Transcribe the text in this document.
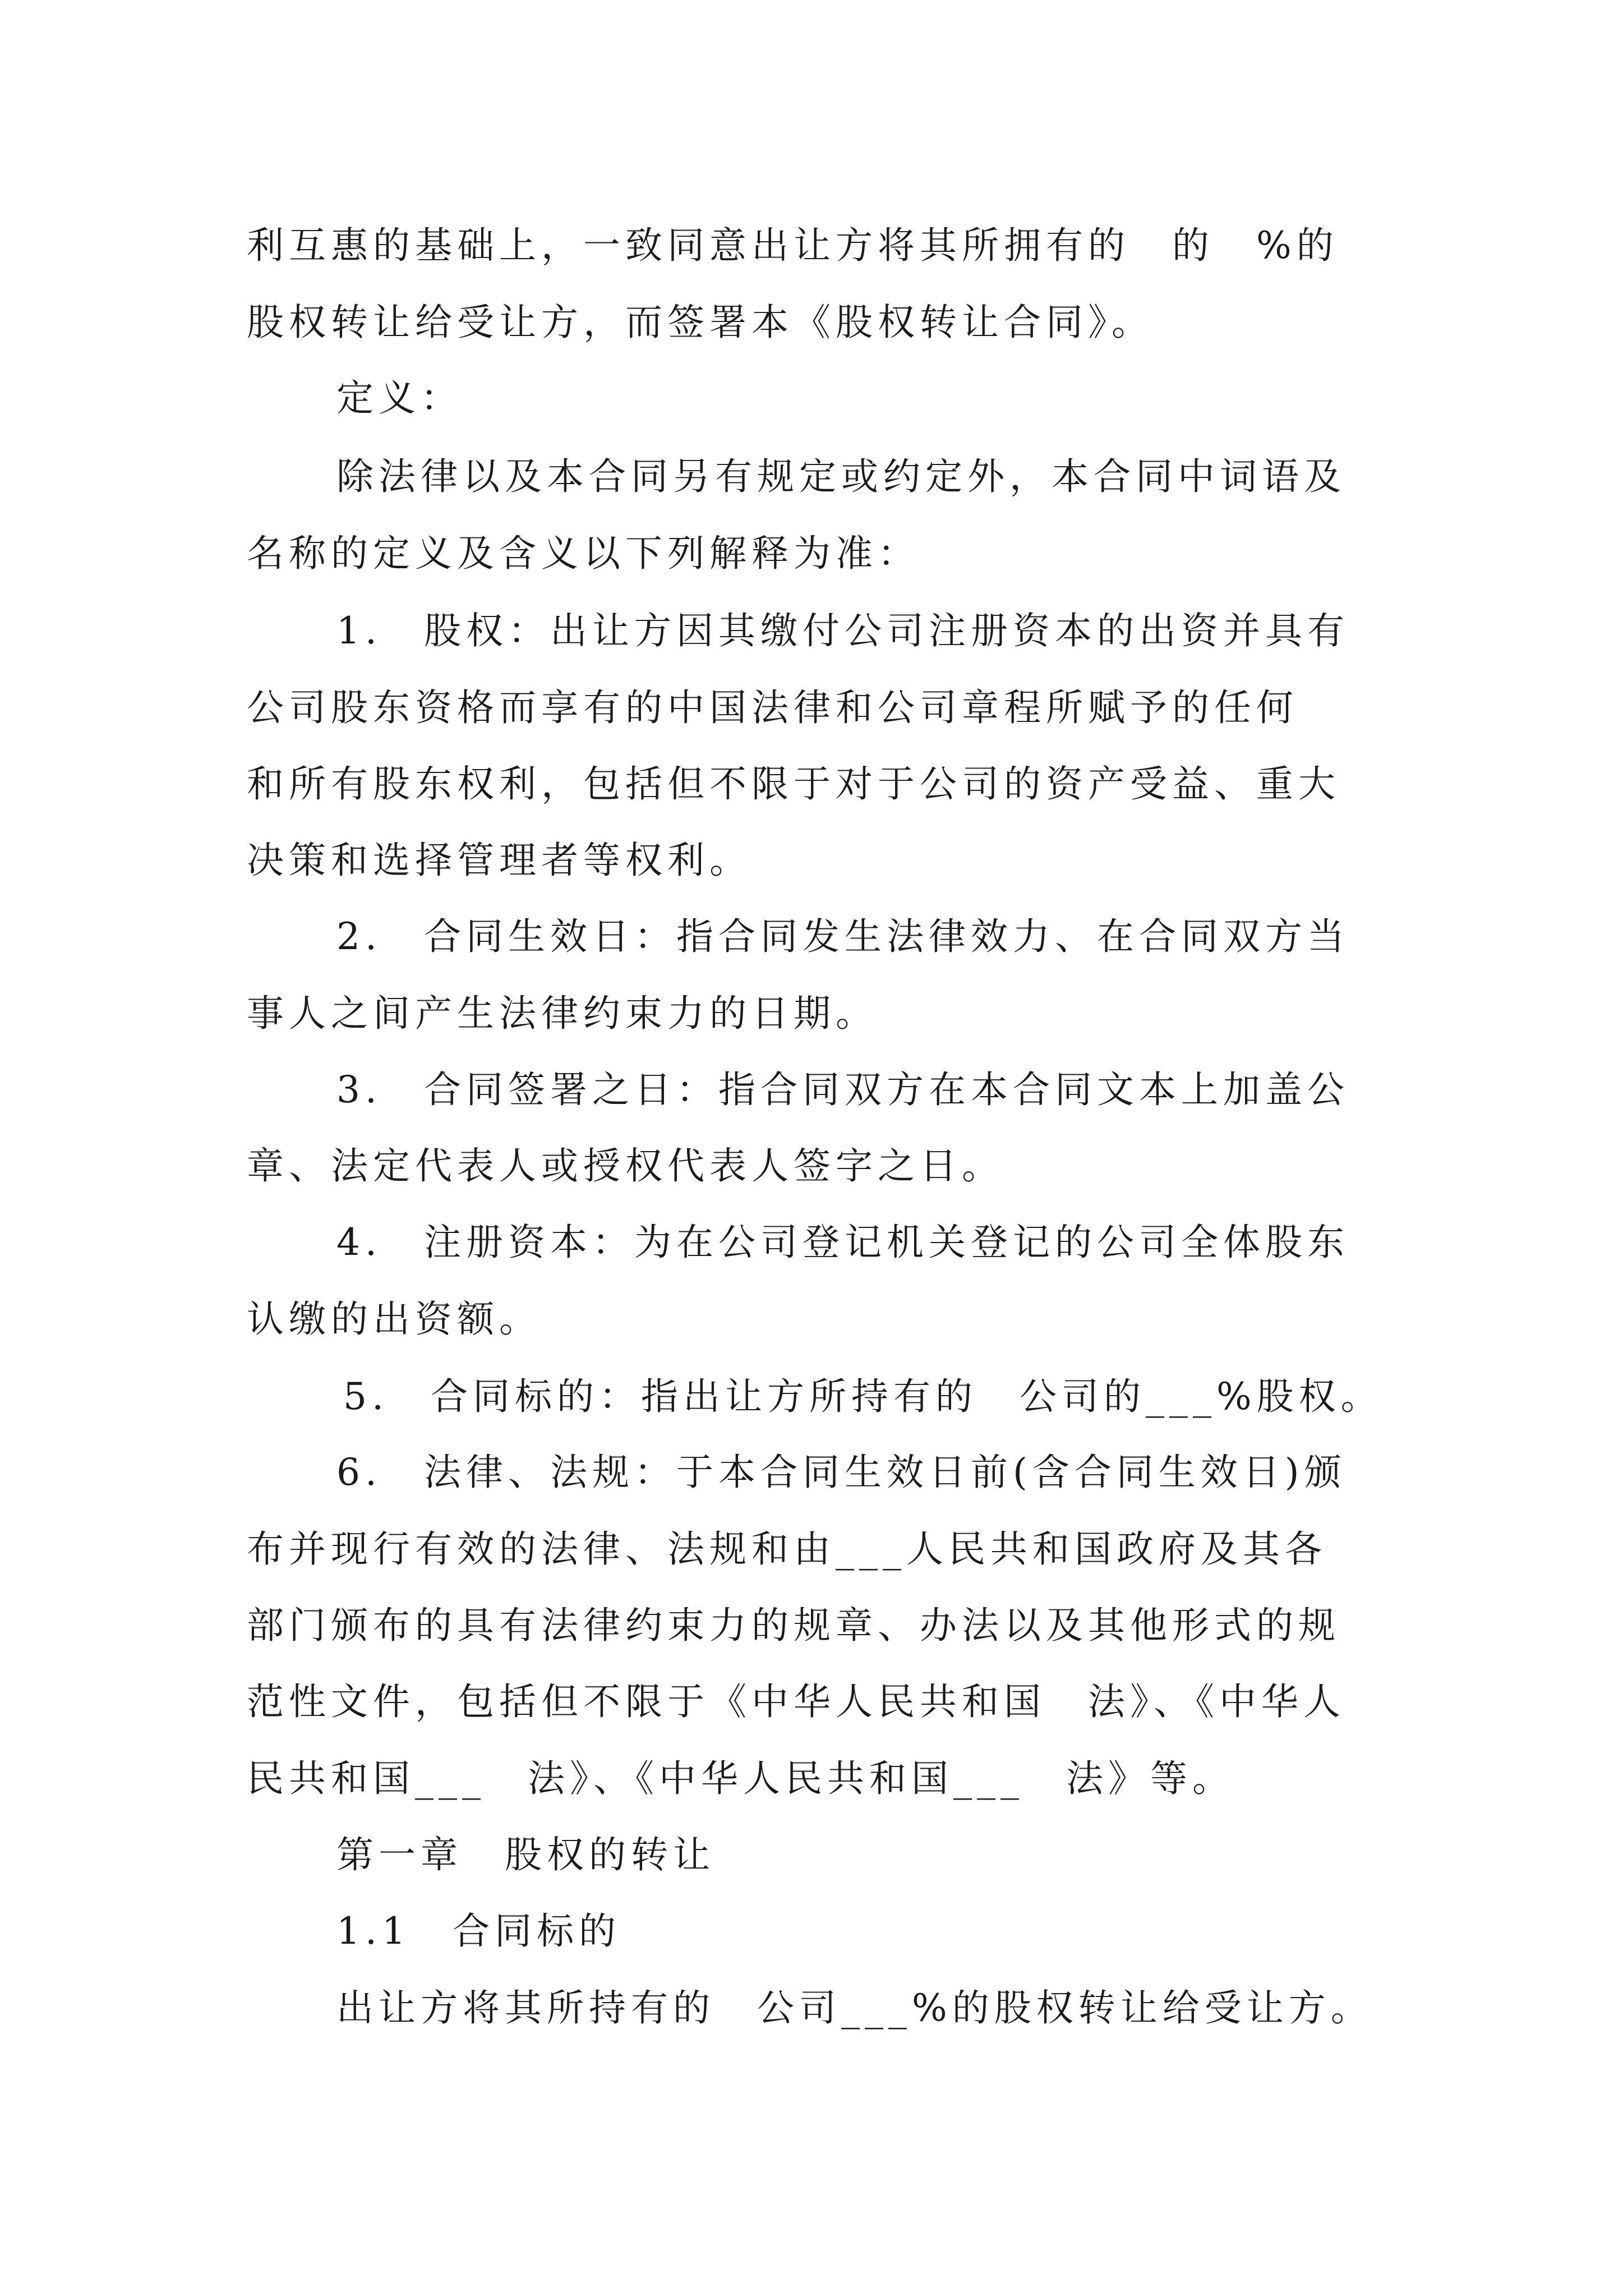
利互惠的基础上，一致同意出让方将其所拥有的　的　%的
股权转让给受让方，而签署本《股权转让合同》。
定义：
除法律以及本合同另有规定或约定外，本合同中词语及
名称的定义及含义以下列解释为准：
1.　股权：出让方因其缴付公司注册资本的出资并具有
公司股东资格而享有的中国法律和公司章程所赋予的任何
和所有股东权利，包括但不限于对于公司的资产受益、重大
决策和选择管理者等权利。
2.　合同生效日：指合同发生法律效力、在合同双方当
事人之间产生法律约束力的日期。
3.　合同签署之日：指合同双方在本合同文本上加盖公
章、法定代表人或授权代表人签字之日。
4.　注册资本：为在公司登记机关登记的公司全体股东
认缴的出资额。
5.　合同标的：指出让方所持有的　公司的___%股权。
6.　法律、法规：于本合同生效日前(含合同生效日)颁
布并现行有效的法律、法规和由___人民共和国政府及其各
部门颁布的具有法律约束力的规章、办法以及其他形式的规
范性文件，包括但不限于《中华人民共和国　法》、《中华人
民共和国___　法》、《中华人民共和国___　法》等。
第一章　股权的转让
1.1　合同标的
出让方将其所持有的　公司___%的股权转让给受让方。
